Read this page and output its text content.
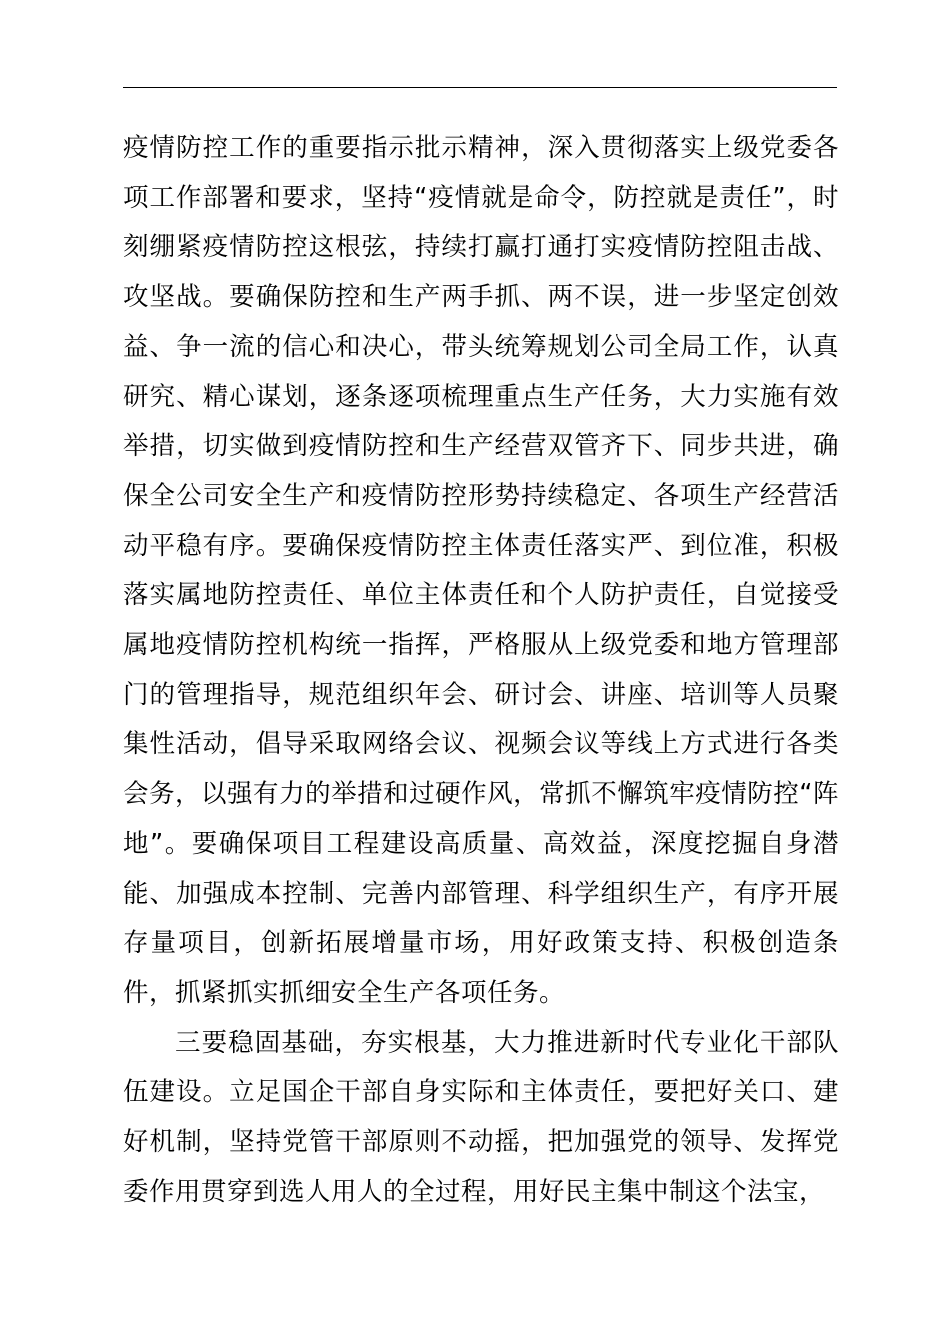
疫情防控工作的重要指示批示精神，深入贯彻落实上级党委各项工作部署和要求，坚持“疫情就是命令，防控就是责任”，时刻绷紧疫情防控这根弦，持续打赢打通打实疫情防控阻击战、攻坚战。要确保防控和生产两手抓、两不误，进一步坚定创效益、争一流的信心和决心，带头统筹规划公司全局工作，认真研究、精心谋划，逐条逐项梳理重点生产任务，大力实施有效举措，切实做到疫情防控和生产经营双管齐下、同步共进，确保全公司安全生产和疫情防控形势持续稳定、各项生产经营活动平稳有序。要确保疫情防控主体责任落实严、到位准，积极落实属地防控责任、单位主体责任和个人防护责任，自觉接受属地疫情防控机构统一指挥，严格服从上级党委和地方管理部门的管理指导，规范组织年会、研讨会、讲座、培训等人员聚集性活动，倡导采取网络会议、视频会议等线上方式进行各类会务，以强有力的举措和过硬作风，常抓不懈筑牢疫情防控“阵地”。要确保项目工程建设高质量、高效益，深度挖掘自身潜能、加强成本控制、完善内部管理、科学组织生产，有序开展存量项目，创新拓展增量市场，用好政策支持、积极创造条件，抓紧抓实抓细安全生产各项任务。

三要稳固基础，夯实根基，大力推进新时代专业化干部队伍建设。立足国企干部自身实际和主体责任，要把好关口、建好机制，坚持党管干部原则不动摇，把加强党的领导、发挥党委作用贯穿到选人用人的全过程，用好民主集中制这个法宝，
